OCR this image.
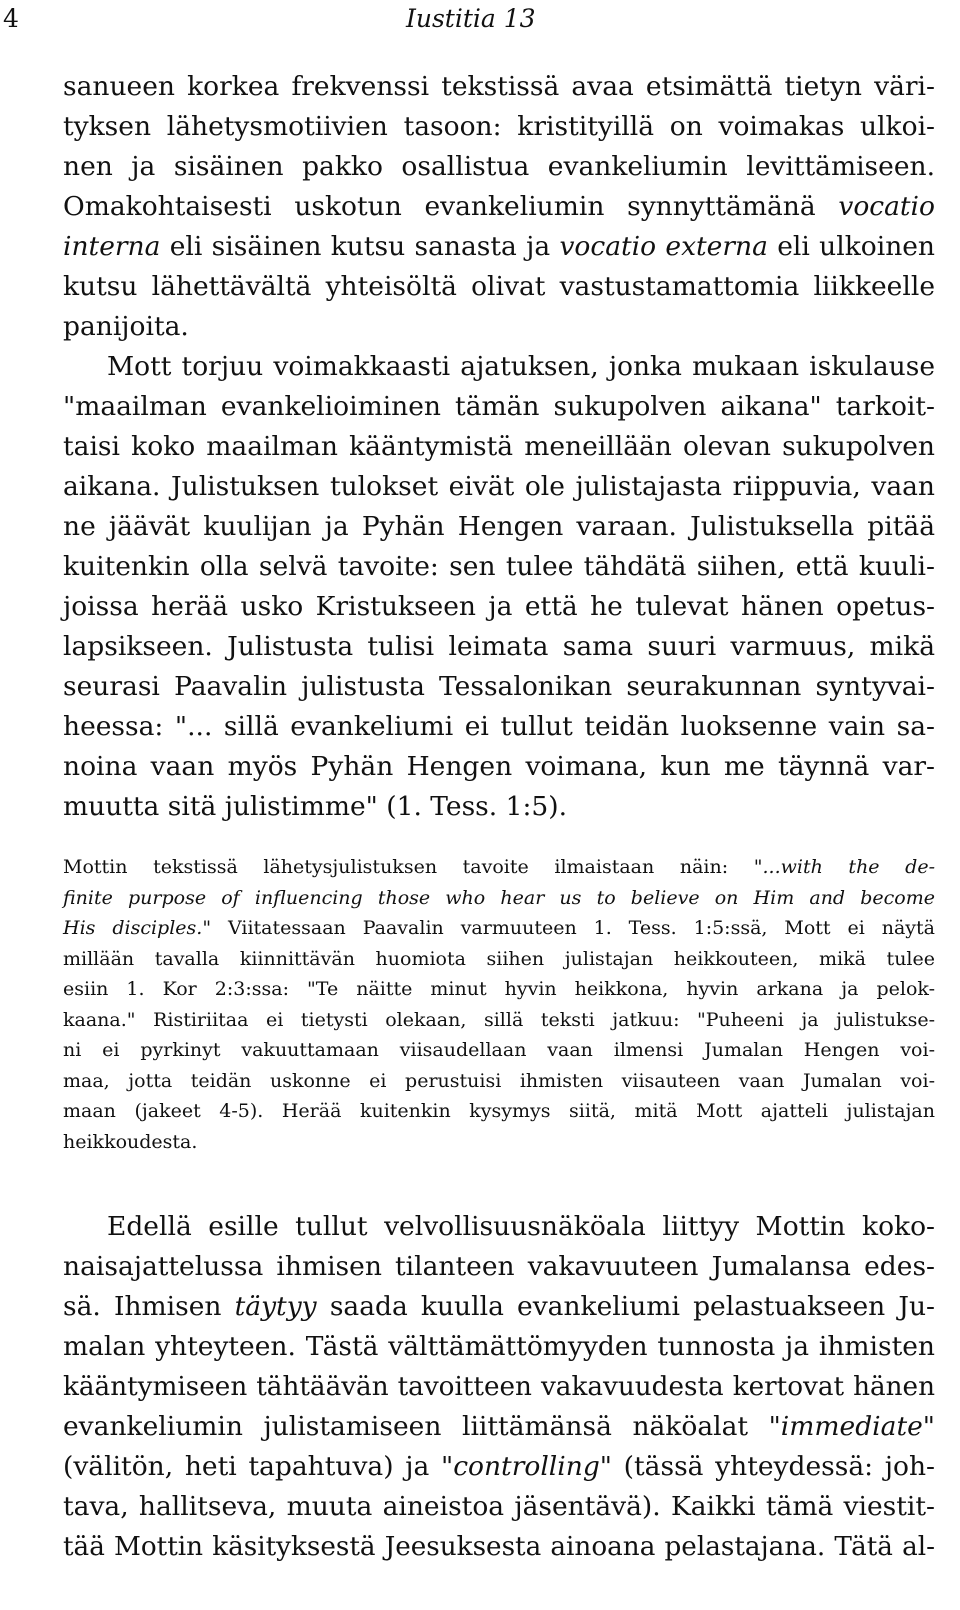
4	Iustitia 13

sanueen korkea frekvenssi tekstissä avaa etsimättä tietyn väri-
tyksen lähetysmotiivien tasoon: kristityillä on voimakas ulkoi-
nen ja sisäinen pakko osallistua evankeliumin levittämiseen.
Omakohtaisesti uskotun evankeliumin synnyttämänä vocatio
interna eli sisäinen kutsu sanasta ja vocatio externa eli ulkoinen
kutsu lähettävältä yhteisöltä olivat vastustamattomia liikkeelle
panijoita.

Mott torjuu voimakkaasti ajatuksen, jonka mukaan iskulause
"maailman evankelioiminen tämän sukupolven aikana" tarkoit-
taisi koko maailman kääntymistä meneillään olevan sukupolven
aikana. Julistuksen tulokset eivät ole julistajasta riippuvia, vaan
ne jäävät kuulijan ja Pyhän Hengen varaan. Julistuksella pitää
kuitenkin olla selvä tavoite: sen tulee tähdätä siihen, että kuuli-
joissa herää usko Kristukseen ja että he tulevat hänen opetus-
lapsikseen. Julistusta tulisi leimata sama suuri varmuus, mikä
seurasi Paavalin julistusta Tessalonikan seurakunnan syntyvai-
heessa: "... sillä evankeliumi ei tullut teidän luoksenne vain sa-
noina vaan myös Pyhän Hengen voimana, kun me täynnä var-
muutta sitä julistimme" (1. Tess. 1:5).

Mottin tekstissä lähetysjulistuksen tavoite ilmaistaan näin: "...with the de-
finite purpose of influencing those who hear us to believe on Him and become
His disciples." Viitatessaan Paavalin varmuuteen 1. Tess. 1:5:ssä, Mott ei näytä
millään tavalla kiinnittävän huomiota siihen julistajan heikkouteen, mikä tulee
esiin 1. Kor 2:3:ssa: "Te näitte minut hyvin heikkona, hyvin arkana ja pelok-
kaana." Ristiriitaa ei tietysti olekaan, sillä teksti jatkuu: "Puheeni ja julistukse-
ni ei pyrkinyt vakuuttamaan viisaudellaan vaan ilmensi Jumalan Hengen voi-
maa, jotta teidän uskonne ei perustuisi ihmisten viisauteen vaan Jumalan voi-
maan (jakeet 4-5). Herää kuitenkin kysymys siitä, mitä Mott ajatteli julistajan
heikkoudesta.

Edellä esille tullut velvollisuusnäköala liittyy Mottin koko-
naisajattelussa ihmisen tilanteen vakavuuteen Jumalansa edes-
sä. Ihmisen täytyy saada kuulla evankeliumi pelastuakseen Ju-
malan yhteyteen. Tästä välttämättömyyden tunnosta ja ihmisten
kääntymiseen tähtäävän tavoitteen vakavuudesta kertovat hänen
evankeliumin julistamiseen liittämänsä näköalat "immediate"
(välitön, heti tapahtuva) ja "controlling" (tässä yhteydessä: joh-
tava, hallitseva, muuta aineistoa jäsentävä). Kaikki tämä viestit-
tää Mottin käsityksestä Jeesuksesta ainoana pelastajana. Tätä al-
